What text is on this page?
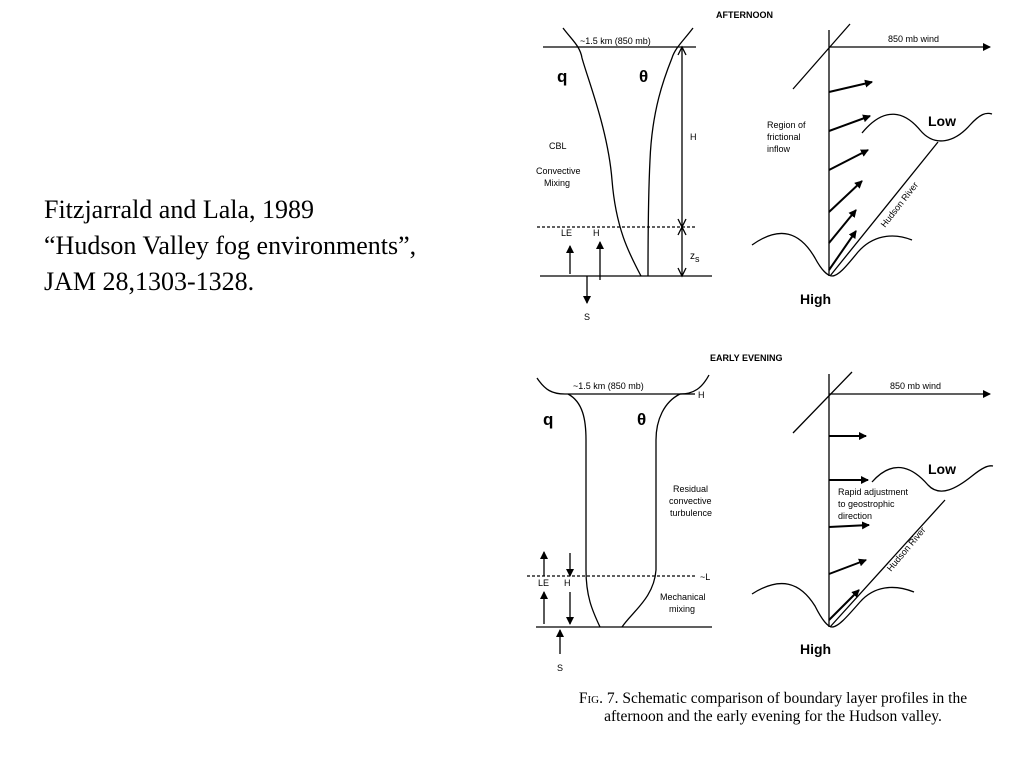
Fitzjarrald and Lala, 1989
“Hudson Valley fog environments”,
JAM 28,1303-1328.
AFTERNOON
~1.5 km (850 mb)
q	θ
CBL
Convective
Mixing
H
zs
LE H
S
850 mb wind
Region of
frictional
inflow
Low
High
Hudson River
EARLY EVENING
~1.5 km (850 mb)
H
q	θ
Residual
convective
turbulence
~L
LE H
Mechanical
mixing
S
850 mb wind
Rapid adjustment
to geostrophic
direction
Low
High
Hudson River
Fig. 7. Schematic comparison of boundary layer profiles in the
afternoon and the early evening for the Hudson valley.
